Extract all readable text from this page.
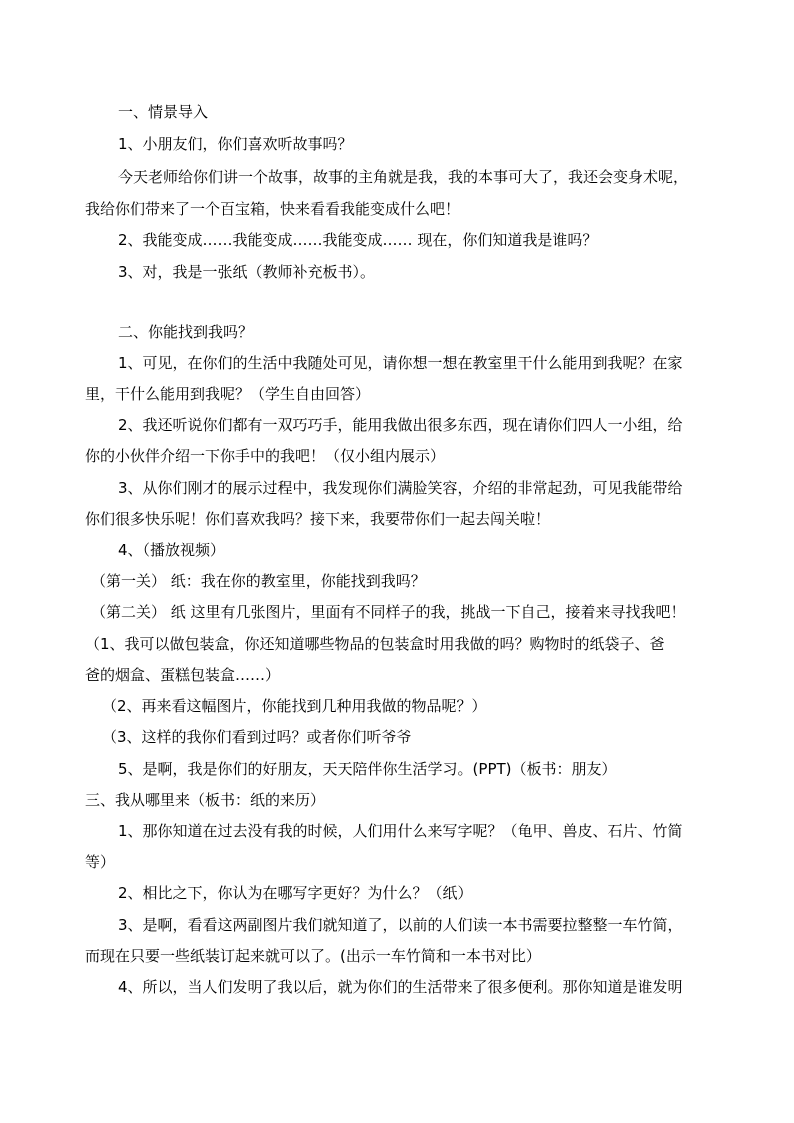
一、情景导入
1、小朋友们，你们喜欢听故事吗？
今天老师给你们讲一个故事，故事的主角就是我，我的本事可大了，我还会变身术呢，
我给你们带来了一个百宝箱，快来看看我能变成什么吧！
2、我能变成……我能变成……我能变成…… 现在，你们知道我是谁吗？
3、对，我是一张纸（教师补充板书）。
二、你能找到我吗？
1、可见，在你们的生活中我随处可见，请你想一想在教室里干什么能用到我呢？在家
里，干什么能用到我呢？（学生自由回答）
2、我还听说你们都有一双巧巧手，能用我做出很多东西，现在请你们四人一小组，给
你的小伙伴介绍一下你手中的我吧！（仅小组内展示）
3、从你们刚才的展示过程中，我发现你们满脸笑容，介绍的非常起劲，可见我能带给
你们很多快乐呢！你们喜欢我吗？接下来，我要带你们一起去闯关啦！
4、（播放视频）
（第一关） 纸：我在你的教室里，你能找到我吗？
（第二关） 纸 这里有几张图片，里面有不同样子的我，挑战一下自己，接着来寻找我吧！
（1、我可以做包装盒，你还知道哪些物品的包装盒时用我做的吗？购物时的纸袋子、爸
爸的烟盒、蛋糕包装盒……）
（2、再来看这幅图片，你能找到几种用我做的物品呢？）
（3、这样的我你们看到过吗？或者你们听爷爷
5、是啊，我是你们的好朋友，天天陪伴你生活学习。(PPT)（板书：朋友）
三、我从哪里来（板书：纸的来历）
1、那你知道在过去没有我的时候，人们用什么来写字呢？（龟甲、兽皮、石片、竹简
等）
2、相比之下，你认为在哪写字更好？为什么？（纸）
3、是啊，看看这两副图片我们就知道了，以前的人们读一本书需要拉整整一车竹简，
而现在只要一些纸装订起来就可以了。(出示一车竹简和一本书对比）
4、所以，当人们发明了我以后，就为你们的生活带来了很多便利。那你知道是谁发明
